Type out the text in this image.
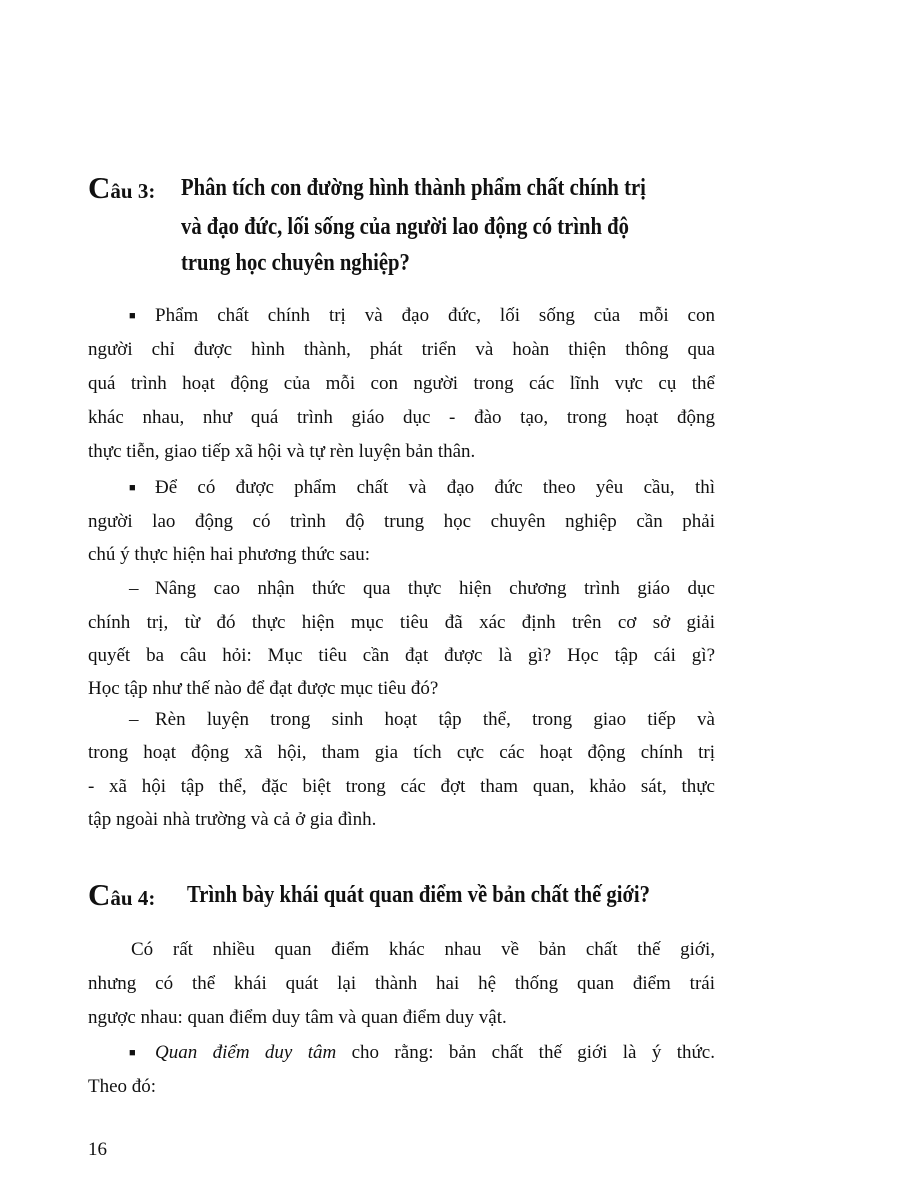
Câu 3: Phân tích con đường hình thành phẩm chất chính trị
và đạo đức, lối sống của người lao động có trình độ
trung học chuyên nghiệp?
■ Phẩm chất chính trị và đạo đức, lối sống của mỗi con
người chỉ được hình thành, phát triển và hoàn thiện thông qua
quá trình hoạt động của mỗi con người trong các lĩnh vực cụ thể
khác nhau, như quá trình giáo dục - đào tạo, trong hoạt động
thực tiễn, giao tiếp xã hội và tự rèn luyện bản thân.
■ Để có được phẩm chất và đạo đức theo yêu cầu, thì
người lao động có trình độ trung học chuyên nghiệp cần phải
chú ý thực hiện hai phương thức sau:
– Nâng cao nhận thức qua thực hiện chương trình giáo dục
chính trị, từ đó thực hiện mục tiêu đã xác định trên cơ sở giải
quyết ba câu hỏi: Mục tiêu cần đạt được là gì? Học tập cái gì?
Học tập như thế nào để đạt được mục tiêu đó?
– Rèn luyện trong sinh hoạt tập thể, trong giao tiếp và
trong hoạt động xã hội, tham gia tích cực các hoạt động chính trị
- xã hội tập thể, đặc biệt trong các đợt tham quan, khảo sát, thực
tập ngoài nhà trường và cả ở gia đình.
Câu 4: Trình bày khái quát quan điểm về bản chất thế giới?
Có rất nhiều quan điểm khác nhau về bản chất thế giới,
nhưng có thể khái quát lại thành hai hệ thống quan điểm trái
ngược nhau: quan điểm duy tâm và quan điểm duy vật.
■ Quan điểm duy tâm cho rằng: bản chất thế giới là ý thức.
Theo đó:
16
